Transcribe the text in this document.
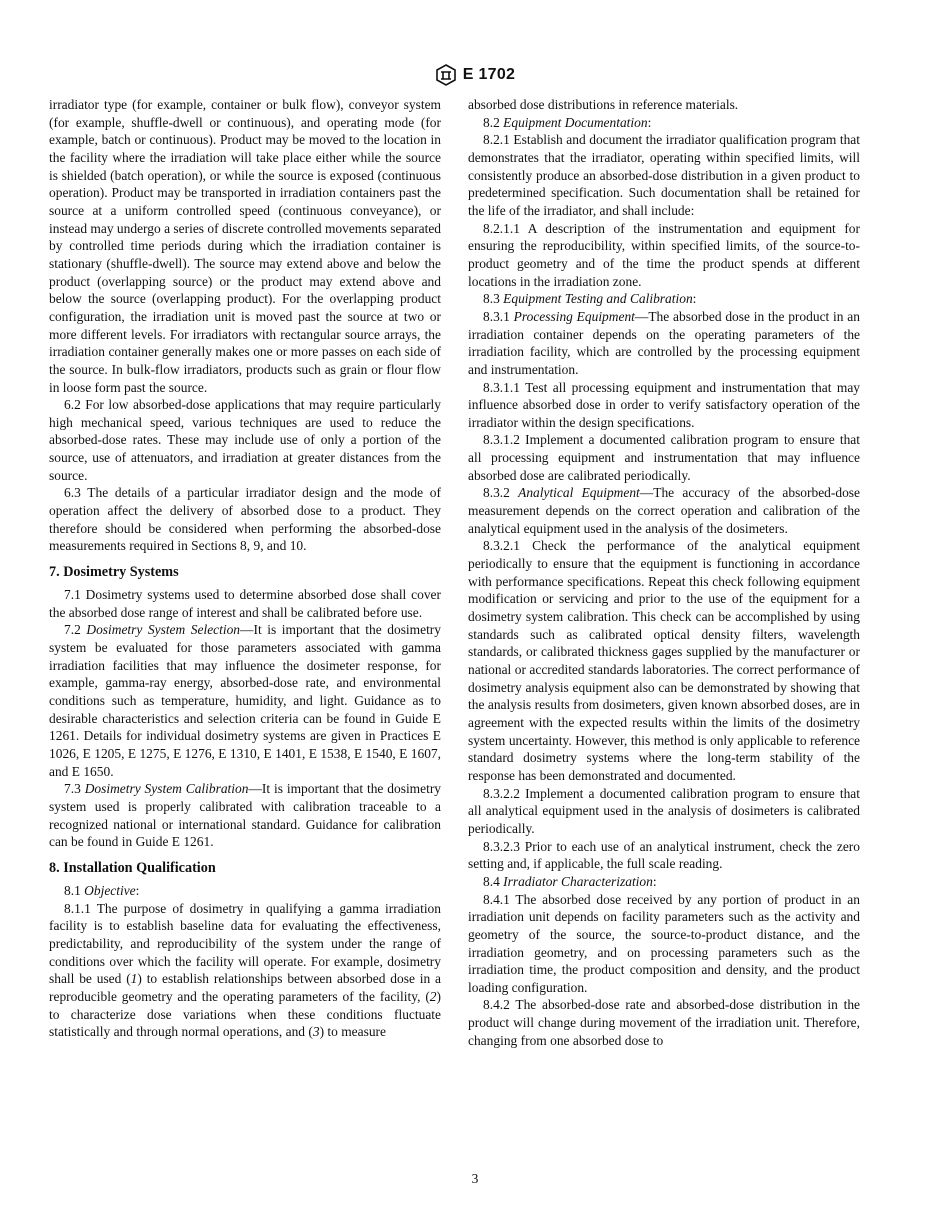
E 1702

irradiator type (for example, container or bulk flow), conveyor system (for example, shuffle-dwell or continuous), and operating mode (for example, batch or continuous). Product may be moved to the location in the facility where the irradiation will take place either while the source is shielded (batch operation), or while the source is exposed (continuous operation). Product may be transported in irradiation containers past the source at a uniform controlled speed (continuous conveyance), or instead may undergo a series of discrete controlled movements separated by controlled time periods during which the irradiation container is stationary (shuffle-dwell). The source may extend above and below the product (overlapping source) or the product may extend above and below the source (overlapping product). For the overlapping product configuration, the irradiation unit is moved past the source at two or more different levels. For irradiators with rectangular source arrays, the irradiation container generally makes one or more passes on each side of the source. In bulk-flow irradiators, products such as grain or flour flow in loose form past the source.

6.2 For low absorbed-dose applications that may require particularly high mechanical speed, various techniques are used to reduce the absorbed-dose rates. These may include use of only a portion of the source, use of attenuators, and irradiation at greater distances from the source.

6.3 The details of a particular irradiator design and the mode of operation affect the delivery of absorbed dose to a product. They therefore should be considered when performing the absorbed-dose measurements required in Sections 8, 9, and 10.

7. Dosimetry Systems

7.1 Dosimetry systems used to determine absorbed dose shall cover the absorbed dose range of interest and shall be calibrated before use.

7.2 Dosimetry System Selection—It is important that the dosimetry system be evaluated for those parameters associated with gamma irradiation facilities that may influence the dosimeter response, for example, gamma-ray energy, absorbed-dose rate, and environmental conditions such as temperature, humidity, and light. Guidance as to desirable characteristics and selection criteria can be found in Guide E 1261. Details for individual dosimetry systems are given in Practices E 1026, E 1205, E 1275, E 1276, E 1310, E 1401, E 1538, E 1540, E 1607, and E 1650.

7.3 Dosimetry System Calibration—It is important that the dosimetry system used is properly calibrated with calibration traceable to a recognized national or international standard. Guidance for calibration can be found in Guide E 1261.

8. Installation Qualification

8.1 Objective:

8.1.1 The purpose of dosimetry in qualifying a gamma irradiation facility is to establish baseline data for evaluating the effectiveness, predictability, and reproducibility of the system under the range of conditions over which the facility will operate. For example, dosimetry shall be used (1) to establish relationships between absorbed dose in a reproducible geometry and the operating parameters of the facility, (2) to characterize dose variations when these conditions fluctuate statistically and through normal operations, and (3) to measure

absorbed dose distributions in reference materials.

8.2 Equipment Documentation:

8.2.1 Establish and document the irradiator qualification program that demonstrates that the irradiator, operating within specified limits, will consistently produce an absorbed-dose distribution in a given product to predetermined specification. Such documentation shall be retained for the life of the irradiator, and shall include:

8.2.1.1 A description of the instrumentation and equipment for ensuring the reproducibility, within specified limits, of the source-to-product geometry and of the time the product spends at different locations in the irradiation zone.

8.3 Equipment Testing and Calibration:

8.3.1 Processing Equipment—The absorbed dose in the product in an irradiation container depends on the operating parameters of the irradiation facility, which are controlled by the processing equipment and instrumentation.

8.3.1.1 Test all processing equipment and instrumentation that may influence absorbed dose in order to verify satisfactory operation of the irradiator within the design specifications.

8.3.1.2 Implement a documented calibration program to ensure that all processing equipment and instrumentation that may influence absorbed dose are calibrated periodically.

8.3.2 Analytical Equipment—The accuracy of the absorbed-dose measurement depends on the correct operation and calibration of the analytical equipment used in the analysis of the dosimeters.

8.3.2.1 Check the performance of the analytical equipment periodically to ensure that the equipment is functioning in accordance with performance specifications. Repeat this check following equipment modification or servicing and prior to the use of the equipment for a dosimetry system calibration. This check can be accomplished by using standards such as calibrated optical density filters, wavelength standards, or calibrated thickness gages supplied by the manufacturer or national or accredited standards laboratories. The correct performance of dosimetry analysis equipment also can be demonstrated by showing that the analysis results from dosimeters, given known absorbed doses, are in agreement with the expected results within the limits of the dosimetry system uncertainty. However, this method is only applicable to reference standard dosimetry systems where the long-term stability of the response has been demonstrated and documented.

8.3.2.2 Implement a documented calibration program to ensure that all analytical equipment used in the analysis of dosimeters is calibrated periodically.

8.3.2.3 Prior to each use of an analytical instrument, check the zero setting and, if applicable, the full scale reading.

8.4 Irradiator Characterization:

8.4.1 The absorbed dose received by any portion of product in an irradiation unit depends on facility parameters such as the activity and geometry of the source, the source-to-product distance, and the irradiation geometry, and on processing parameters such as the irradiation time, the product composition and density, and the product loading configuration.

8.4.2 The absorbed-dose rate and absorbed-dose distribution in the product will change during movement of the irradiation unit. Therefore, changing from one absorbed dose to

3
